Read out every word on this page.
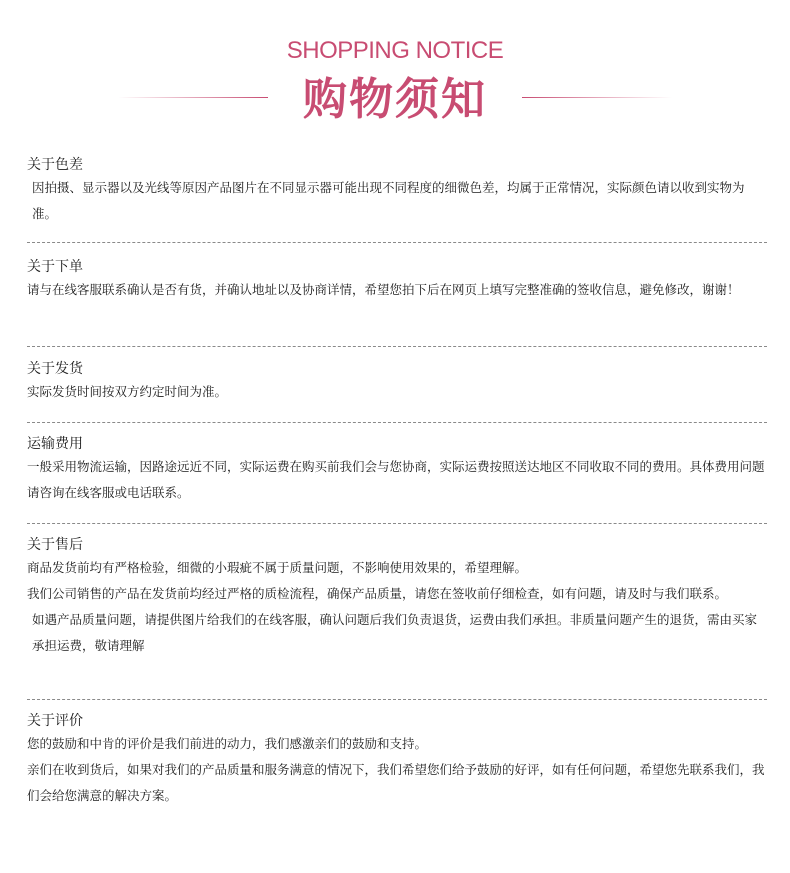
SHOPPING NOTICE
购物须知
关于色差

因拍摄、显示器以及光线等原因产品图片在不同显示器可能出现不同程度的细微色差，均属于正常情况，实际颜色请以收到实物为准。

关于下单

请与在线客服联系确认是否有货，并确认地址以及协商详情，希望您拍下后在网页上填写完整准确的签收信息，避免修改，谢谢！

关于发货

实际发货时间按双方约定时间为准。

运输费用

一般采用物流运输，因路途远近不同，实际运费在购买前我们会与您协商，实际运费按照送达地区不同收取不同的费用。具体费用问题请咨询在线客服或电话联系。

关于售后

商品发货前均有严格检验，细微的小瑕疵不属于质量问题，不影响使用效果的，希望理解。

我们公司销售的产品在发货前均经过严格的质检流程，确保产品质量，请您在签收前仔细检查，如有问题，请及时与我们联系。

如遇产品质量问题，请提供图片给我们的在线客服，确认问题后我们负责退货，运费由我们承担。非质量问题产生的退货，需由买家承担运费，敬请理解

关于评价

您的鼓励和中肯的评价是我们前进的动力，我们感激亲们的鼓励和支持。

亲们在收到货后，如果对我们的产品质量和服务满意的情况下，我们希望您们给予鼓励的好评，如有任何问题，希望您先联系我们，我们会给您满意的解决方案。
